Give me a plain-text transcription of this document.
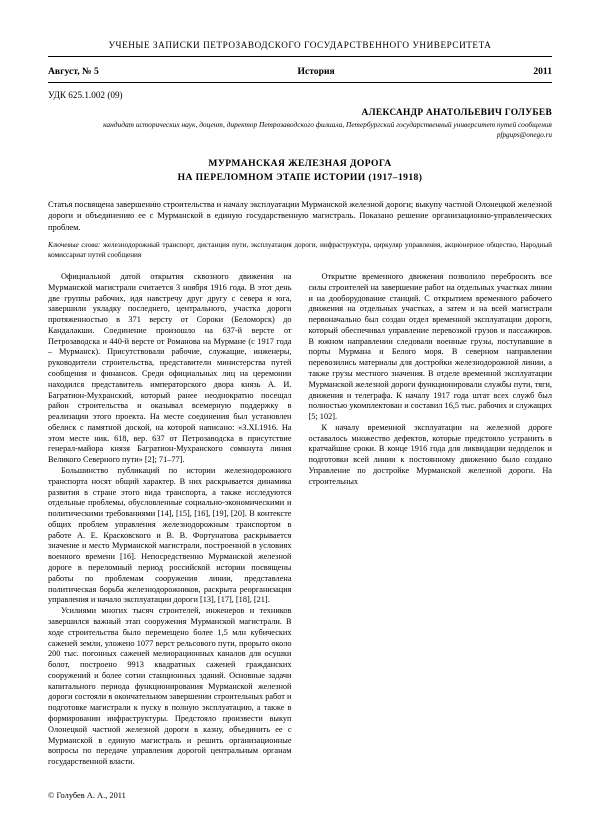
УЧЕНЫЕ ЗАПИСКИ ПЕТРОЗАВОДСКОГО ГОСУДАРСТВЕННОГО УНИВЕРСИТЕТА
Август, № 5	История	2011
УДК 625.1.002 (09)
АЛЕКСАНДР АНАТОЛЬЕВИЧ ГОЛУБЕВ
кандидат исторических наук, доцент, директор Петрозаводского филиала, Петербургский государственный университет путей сообщения
pfpgups@onego.ru
МУРМАНСКАЯ ЖЕЛЕЗНАЯ ДОРОГА
НА ПЕРЕЛОМНОМ ЭТАПЕ ИСТОРИИ (1917–1918)
Статья посвящена завершению строительства и началу эксплуатации Мурманской железной дороги; выкупу частной Олонецкой железной дороги и объединению ее с Мурманской в единую государственную магистраль. Показано решение организационно-управленческих проблем.
Ключевые слова: железнодорожный транспорт, дистанция пути, эксплуатация дороги, инфраструктура, циркуляр управления, акционерное общество, Народный комиссариат путей сообщения

Официальной датой открытия сквозного движения на Мурманской магистрали считается 3 ноября 1916 года. В этот день две группы рабочих, идя навстречу друг другу с севера и юга, завершили укладку последнего, центрального, участка дороги протяженностью в 371 версту от Сороки (Беломорск) до Кандалакши. Соединение произошло на 637-й версте от Петрозаводска и 440-й версте от Романова на Мурмане (с 1917 года – Мурманск). Присутствовали рабочие, служащие, инженеры, руководители строительства, представители министерства путей сообщения и финансов. Среди официальных лиц на церемонии находился представитель императорского двора князь А. И. Багратион-Мухранский, который ранее неоднократно посещал район строительства и оказывал всемерную поддержку в реализации этого проекта. На месте соединения был установлен обелиск с памятной доской, на которой написано: «З.XI.1916. На этом месте ник. 618, вер. 637 от Петрозаводска в присутствие генерал-майора князя Багратион-Мухранского сомкнута линия Великого Северного пути» [2]; 71–77].

Большинство публикаций по истории железнодорожного транспорта носят общий характер. В них раскрывается динамика развития в стране этого вида транспорта, а также исследуются отдельные проблемы, обусловленные социально-экономическими и политическими требованиями [14], [15], [16], [19], [20]. В контексте общих проблем управления железнодорожным транспортом в работе А. Е. Красковского и В. В. Фортунатова раскрывается значение и место Мурманской магистрали, построенной в условиях военного времени [16]. Непосредственно Мурманской железной дороге в переломный период российской истории посвящены работы по проблемам сооружения линии, представлена политическая борьба железнодорожников, раскрыта реорганизация управления и начало эксплуатации дороги [13], [17], [18], [21].

Усилиями многих тысяч строителей, инженеров и техников завершился важный этап сооружения Мурманской магистрали. В ходе строительства было перемещено более 1,5 млн кубических саженей земли, уложено 1077 верст рельсового пути, прорыто около 200 тыс. погонных саженей мелиорационных каналов для осушки болот, построено 9913 квадратных саженей гражданских сооружений и более сотни станционных зданий. Основные задачи капитального периода функционирования Мурманской железной дороги состояли в окончательном завершении строительных работ и подготовке магистрали к пуску в полную эксплуатацию, а также в формировании инфраструктуры. Предстояло произвести выкуп Олонецкой частной железной дороги в казну, объединить ее с Мурманской в единую магистраль и решить организационные вопросы по передаче управления дорогой центральным органам государственной власти.

Открытие временного движения позволило перебросить все силы строителей на завершение работ на отдельных участках линии и на дооборудование станций. С открытием временного рабочего движения на отдельных участках, а затем и на всей магистрали первоначально был создан отдел временной эксплуатации дороги, который обеспечивал управление перевозкой грузов и пассажиров. В южном направлении следовали военные грузы, поступавшие в порты Мурмана и Белого моря. В северном направлении перевозились материалы для достройки железнодорожной линии, а также грузы местного значения. В отделе временной эксплуатации Мурманской железной дороги функционировали службы пути, тяги, движения и телеграфа. К началу 1917 года штат всех служб был полностью укомплектован и составил 16,5 тыс. рабочих и служащих [5; 102].

К началу временной эксплуатации на железной дороге оставалось множество дефектов, которые предстояло устранить в кратчайшие сроки. В конце 1916 года для ликвидации недоделок и подготовки всей линии к постоянному движению было создано Управление по достройке Мурманской железной дороги. На строительных

© Голубев А. А., 2011
